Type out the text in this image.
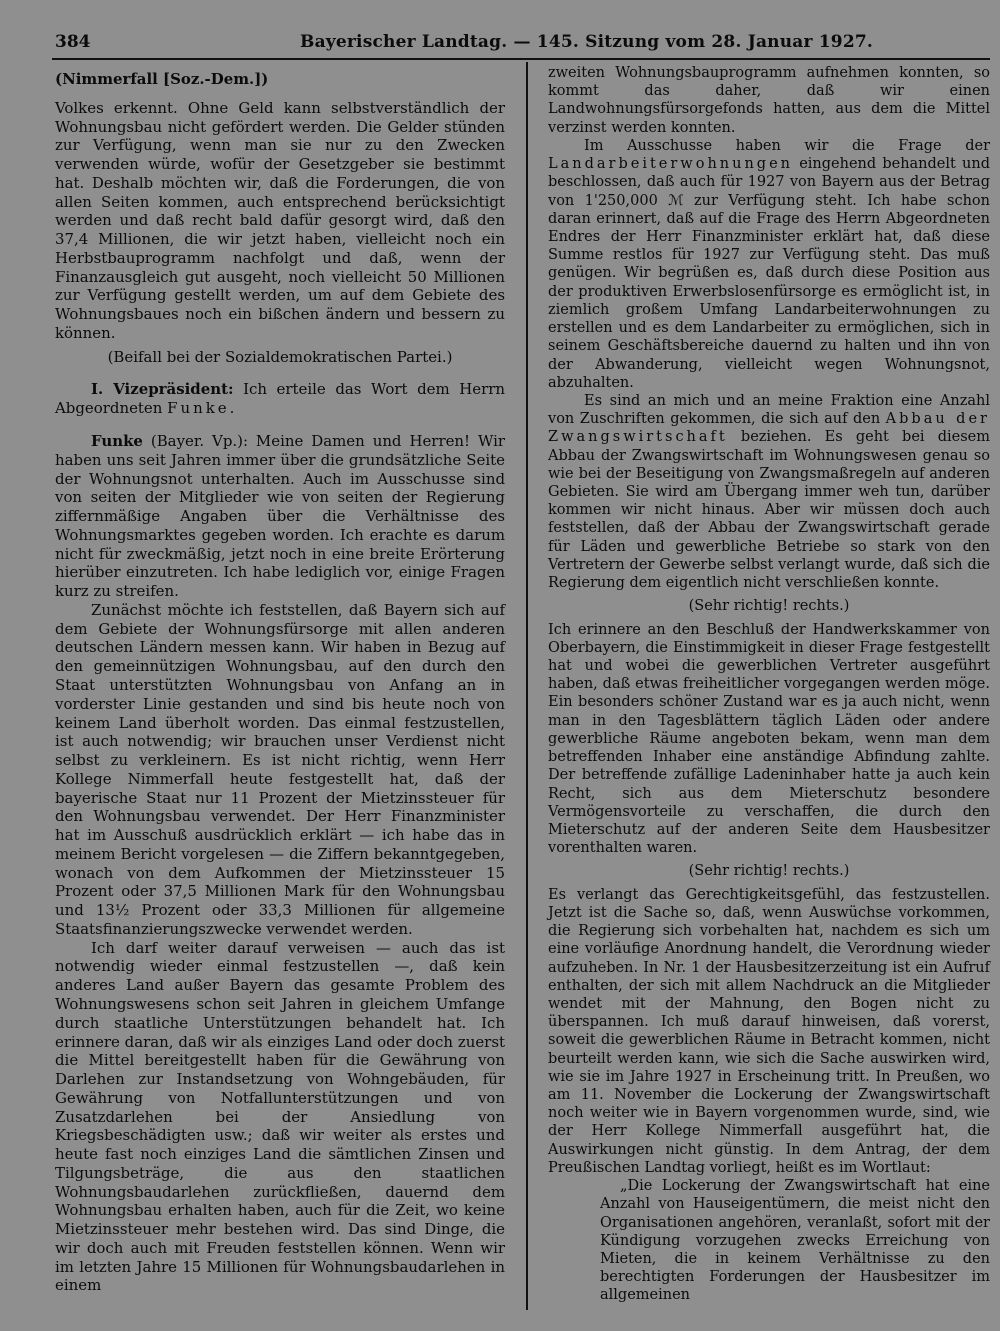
384	Bayerischer Landtag. — 145. Sitzung vom 28. Januar 1927.

(Nimmerfall [Soz.-Dem.])

Volkes erkennt. Ohne Geld kann selbstverständlich der Wohnungsbau nicht gefördert werden. Die Gelder stünden zur Verfügung, wenn man sie nur zu den Zwecken verwenden würde, wofür der Gesetzgeber sie bestimmt hat. Deshalb möchten wir, daß die Forderungen, die von allen Seiten kommen, auch entsprechend berücksichtigt werden und daß recht bald dafür gesorgt wird, daß den 37,4 Millionen, die wir jetzt haben, vielleicht noch ein Herbstbauprogramm nachfolgt und daß, wenn der Finanzausgleich gut ausgeht, noch vielleicht 50 Millionen zur Verfügung gestellt werden, um auf dem Gebiete des Wohnungsbaues noch ein bißchen ändern und bessern zu können.

(Beifall bei der Sozialdemokratischen Partei.)

I. Vizepräsident: Ich erteile das Wort dem Herrn Abgeordneten Funke.

Funke (Bayer. Vp.): Meine Damen und Herren! Wir haben uns seit Jahren immer über die grundsätzliche Seite der Wohnungsnot unterhalten. Auch im Ausschusse sind von seiten der Mitglieder wie von seiten der Regierung ziffernmäßige Angaben über die Verhältnisse des Wohnungsmarktes gegeben worden. Ich erachte es darum nicht für zweckmäßig, jetzt noch in eine breite Erörterung hierüber einzutreten. Ich habe lediglich vor, einige Fragen kurz zu streifen.

Zunächst möchte ich feststellen, daß Bayern sich auf dem Gebiete der Wohnungsfürsorge mit allen anderen deutschen Ländern messen kann. Wir haben in Bezug auf den gemeinnützigen Wohnungsbau, auf den durch den Staat unterstützten Wohnungsbau von Anfang an in vorderster Linie gestanden und sind bis heute noch von keinem Land überholt worden. Das einmal festzustellen, ist auch notwendig; wir brauchen unser Verdienst nicht selbst zu verkleinern. Es ist nicht richtig, wenn Herr Kollege Nimmerfall heute festgestellt hat, daß der bayerische Staat nur 11 Prozent der Mietzinssteuer für den Wohnungsbau verwendet. Der Herr Finanzminister hat im Ausschuß ausdrücklich erklärt — ich habe das in meinem Bericht vorgelesen — die Ziffern bekanntgegeben, wonach von dem Aufkommen der Mietzinssteuer 15 Prozent oder 37,5 Millionen Mark für den Wohnungsbau und 13½ Prozent oder 33,3 Millionen für allgemeine Staatsfinanzierungszwecke verwendet werden.

Ich darf weiter darauf verweisen — auch das ist notwendig wieder einmal festzustellen —, daß kein anderes Land außer Bayern das gesamte Problem des Wohnungswesens schon seit Jahren in gleichem Umfange durch staatliche Unterstützungen behandelt hat. Ich erinnere daran, daß wir als einziges Land oder doch zuerst die Mittel bereitgestellt haben für die Gewährung von Darlehen zur Instandsetzung von Wohngebäuden, für Gewährung von Notfallunterstützungen und von Zusatzdarlehen bei der Ansiedlung von Kriegsbeschädigten usw.; daß wir weiter als erstes und heute fast noch einziges Land die sämtlichen Zinsen und Tilgungsbeträge, die aus den staatlichen Wohnungsbaudarlehen zurückfließen, dauernd dem Wohnungsbau erhalten haben, auch für die Zeit, wo keine Mietzinssteuer mehr bestehen wird. Das sind Dinge, die wir doch auch mit Freuden feststellen können. Wenn wir im letzten Jahre 15 Millionen für Wohnungsbaudarlehen in einem

zweiten Wohnungsbauprogramm aufnehmen konnten, so kommt das daher, daß wir einen Landwohnungsfürsorgefonds hatten, aus dem die Mittel verzinst werden konnten.

Im Ausschusse haben wir die Frage der Landarbeiterwohnungen eingehend behandelt und beschlossen, daß auch für 1927 von Bayern aus der Betrag von 1'250,000 ℳ zur Verfügung steht. Ich habe schon daran erinnert, daß auf die Frage des Herrn Abgeordneten Endres der Herr Finanzminister erklärt hat, daß diese Summe restlos für 1927 zur Verfügung steht. Das muß genügen. Wir begrüßen es, daß durch diese Position aus der produktiven Erwerbslosenfürsorge es ermöglicht ist, in ziemlich großem Umfang Landarbeiterwohnungen zu erstellen und es dem Landarbeiter zu ermöglichen, sich in seinem Geschäftsbereiche dauernd zu halten und ihn von der Abwanderung, vielleicht wegen Wohnungsnot, abzuhalten.

Es sind an mich und an meine Fraktion eine Anzahl von Zuschriften gekommen, die sich auf den Abbau der Zwangswirtschaft beziehen. Es geht bei diesem Abbau der Zwangswirtschaft im Wohnungswesen genau so wie bei der Beseitigung von Zwangsmaßregeln auf anderen Gebieten. Sie wird am Übergang immer weh tun, darüber kommen wir nicht hinaus. Aber wir müssen doch auch feststellen, daß der Abbau der Zwangswirtschaft gerade für Läden und gewerbliche Betriebe so stark von den Vertretern der Gewerbe selbst verlangt wurde, daß sich die Regierung dem eigentlich nicht verschließen konnte.

(Sehr richtig! rechts.)

Ich erinnere an den Beschluß der Handwerkskammer von Oberbayern, die Einstimmigkeit in dieser Frage festgestellt hat und wobei die gewerblichen Vertreter ausgeführt haben, daß etwas freiheitlicher vorgegangen werden möge. Ein besonders schöner Zustand war es ja auch nicht, wenn man in den Tagesblättern täglich Läden oder andere gewerbliche Räume angeboten bekam, wenn man dem betreffenden Inhaber eine anständige Abfindung zahlte. Der betreffende zufällige Ladeninhaber hatte ja auch kein Recht, sich aus dem Mieterschutz besondere Vermögensvorteile zu verschaffen, die durch den Mieterschutz auf der anderen Seite dem Hausbesitzer vorenthalten waren.

(Sehr richtig! rechts.)

Es verlangt das Gerechtigkeitsgefühl, das festzustellen. Jetzt ist die Sache so, daß, wenn Auswüchse vorkommen, die Regierung sich vorbehalten hat, nachdem es sich um eine vorläufige Anordnung handelt, die Verordnung wieder aufzuheben. In Nr. 1 der Hausbesitzerzeitung ist ein Aufruf enthalten, der sich mit allem Nachdruck an die Mitglieder wendet mit der Mahnung, den Bogen nicht zu überspannen. Ich muß darauf hinweisen, daß vorerst, soweit die gewerblichen Räume in Betracht kommen, nicht beurteilt werden kann, wie sich die Sache auswirken wird, wie sie im Jahre 1927 in Erscheinung tritt. In Preußen, wo am 11. November die Lockerung der Zwangswirtschaft noch weiter wie in Bayern vorgenommen wurde, sind, wie der Herr Kollege Nimmerfall ausgeführt hat, die Auswirkungen nicht günstig. In dem Antrag, der dem Preußischen Landtag vorliegt, heißt es im Wortlaut:

„Die Lockerung der Zwangswirtschaft hat eine Anzahl von Hauseigentümern, die meist nicht den Organisationen angehören, veranlaßt, sofort mit der Kündigung vorzugehen zwecks Erreichung von Mieten, die in keinem Verhältnisse zu den berechtigten Forderungen der Hausbesitzer im allgemeinen
